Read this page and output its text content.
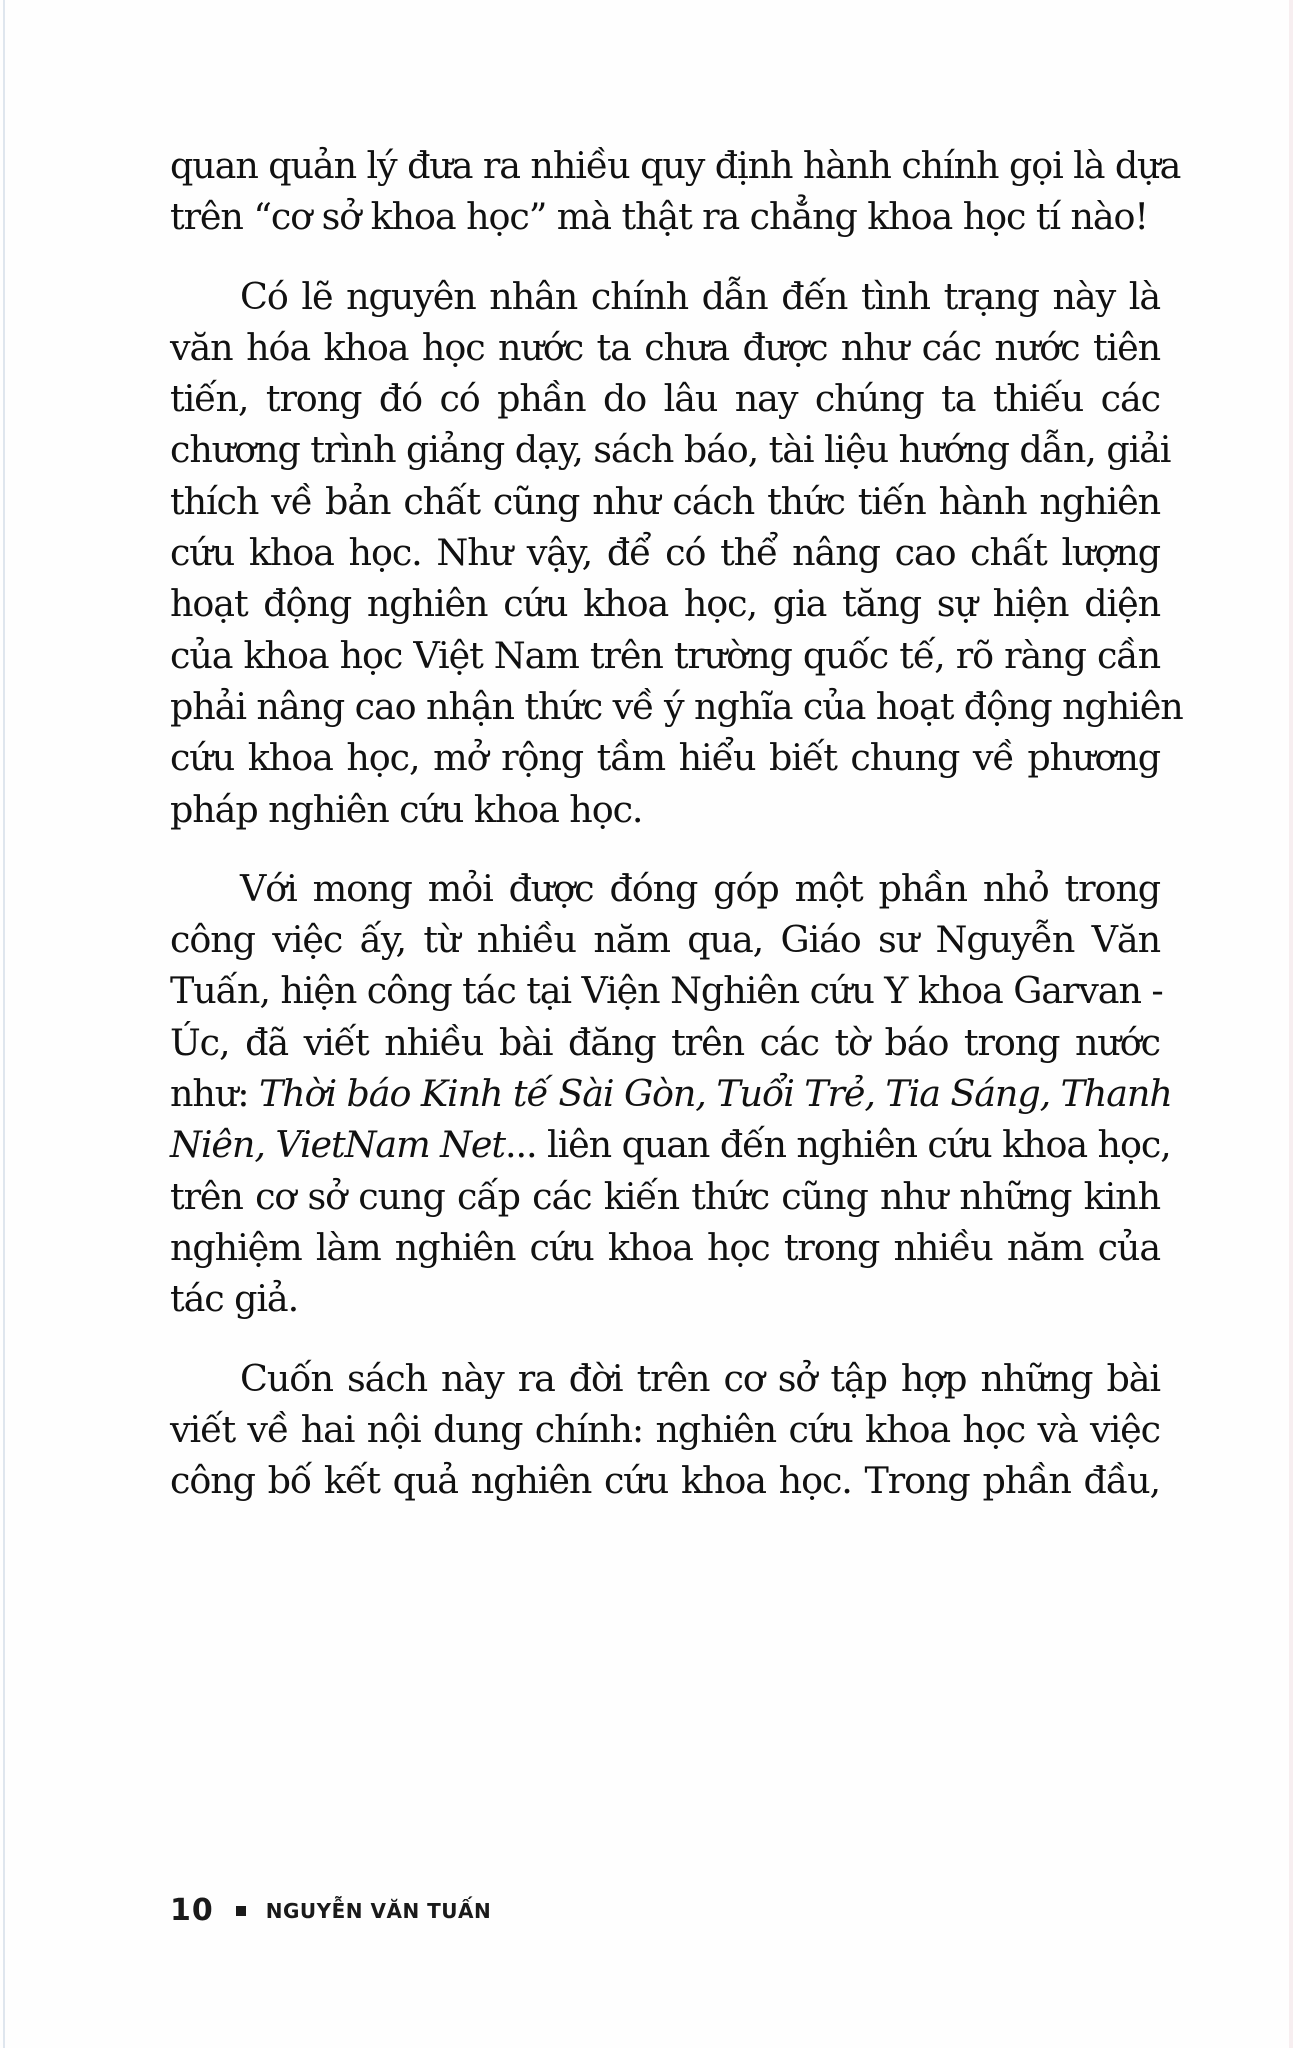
quan quản lý đưa ra nhiều quy định hành chính gọi là dựa
trên “cơ sở khoa học” mà thật ra chẳng khoa học tí nào!
Có lẽ nguyên nhân chính dẫn đến tình trạng này là
văn hóa khoa học nước ta chưa được như các nước tiên
tiến, trong đó có phần do lâu nay chúng ta thiếu các
chương trình giảng dạy, sách báo, tài liệu hướng dẫn, giải
thích về bản chất cũng như cách thức tiến hành nghiên
cứu khoa học. Như vậy, để có thể nâng cao chất lượng
hoạt động nghiên cứu khoa học, gia tăng sự hiện diện
của khoa học Việt Nam trên trường quốc tế, rõ ràng cần
phải nâng cao nhận thức về ý nghĩa của hoạt động nghiên
cứu khoa học, mở rộng tầm hiểu biết chung về phương
pháp nghiên cứu khoa học.
Với mong mỏi được đóng góp một phần nhỏ trong
công việc ấy, từ nhiều năm qua, Giáo sư Nguyễn Văn
Tuấn, hiện công tác tại Viện Nghiên cứu Y khoa Garvan -
Úc, đã viết nhiều bài đăng trên các tờ báo trong nước
như: Thời báo Kinh tế Sài Gòn, Tuổi Trẻ, Tia Sáng, Thanh
Niên, VietNam Net... liên quan đến nghiên cứu khoa học,
trên cơ sở cung cấp các kiến thức cũng như những kinh
nghiệm làm nghiên cứu khoa học trong nhiều năm của
tác giả.
Cuốn sách này ra đời trên cơ sở tập hợp những bài
viết về hai nội dung chính: nghiên cứu khoa học và việc
công bố kết quả nghiên cứu khoa học. Trong phần đầu,
10	NGUYỄN VĂN TUẤN
